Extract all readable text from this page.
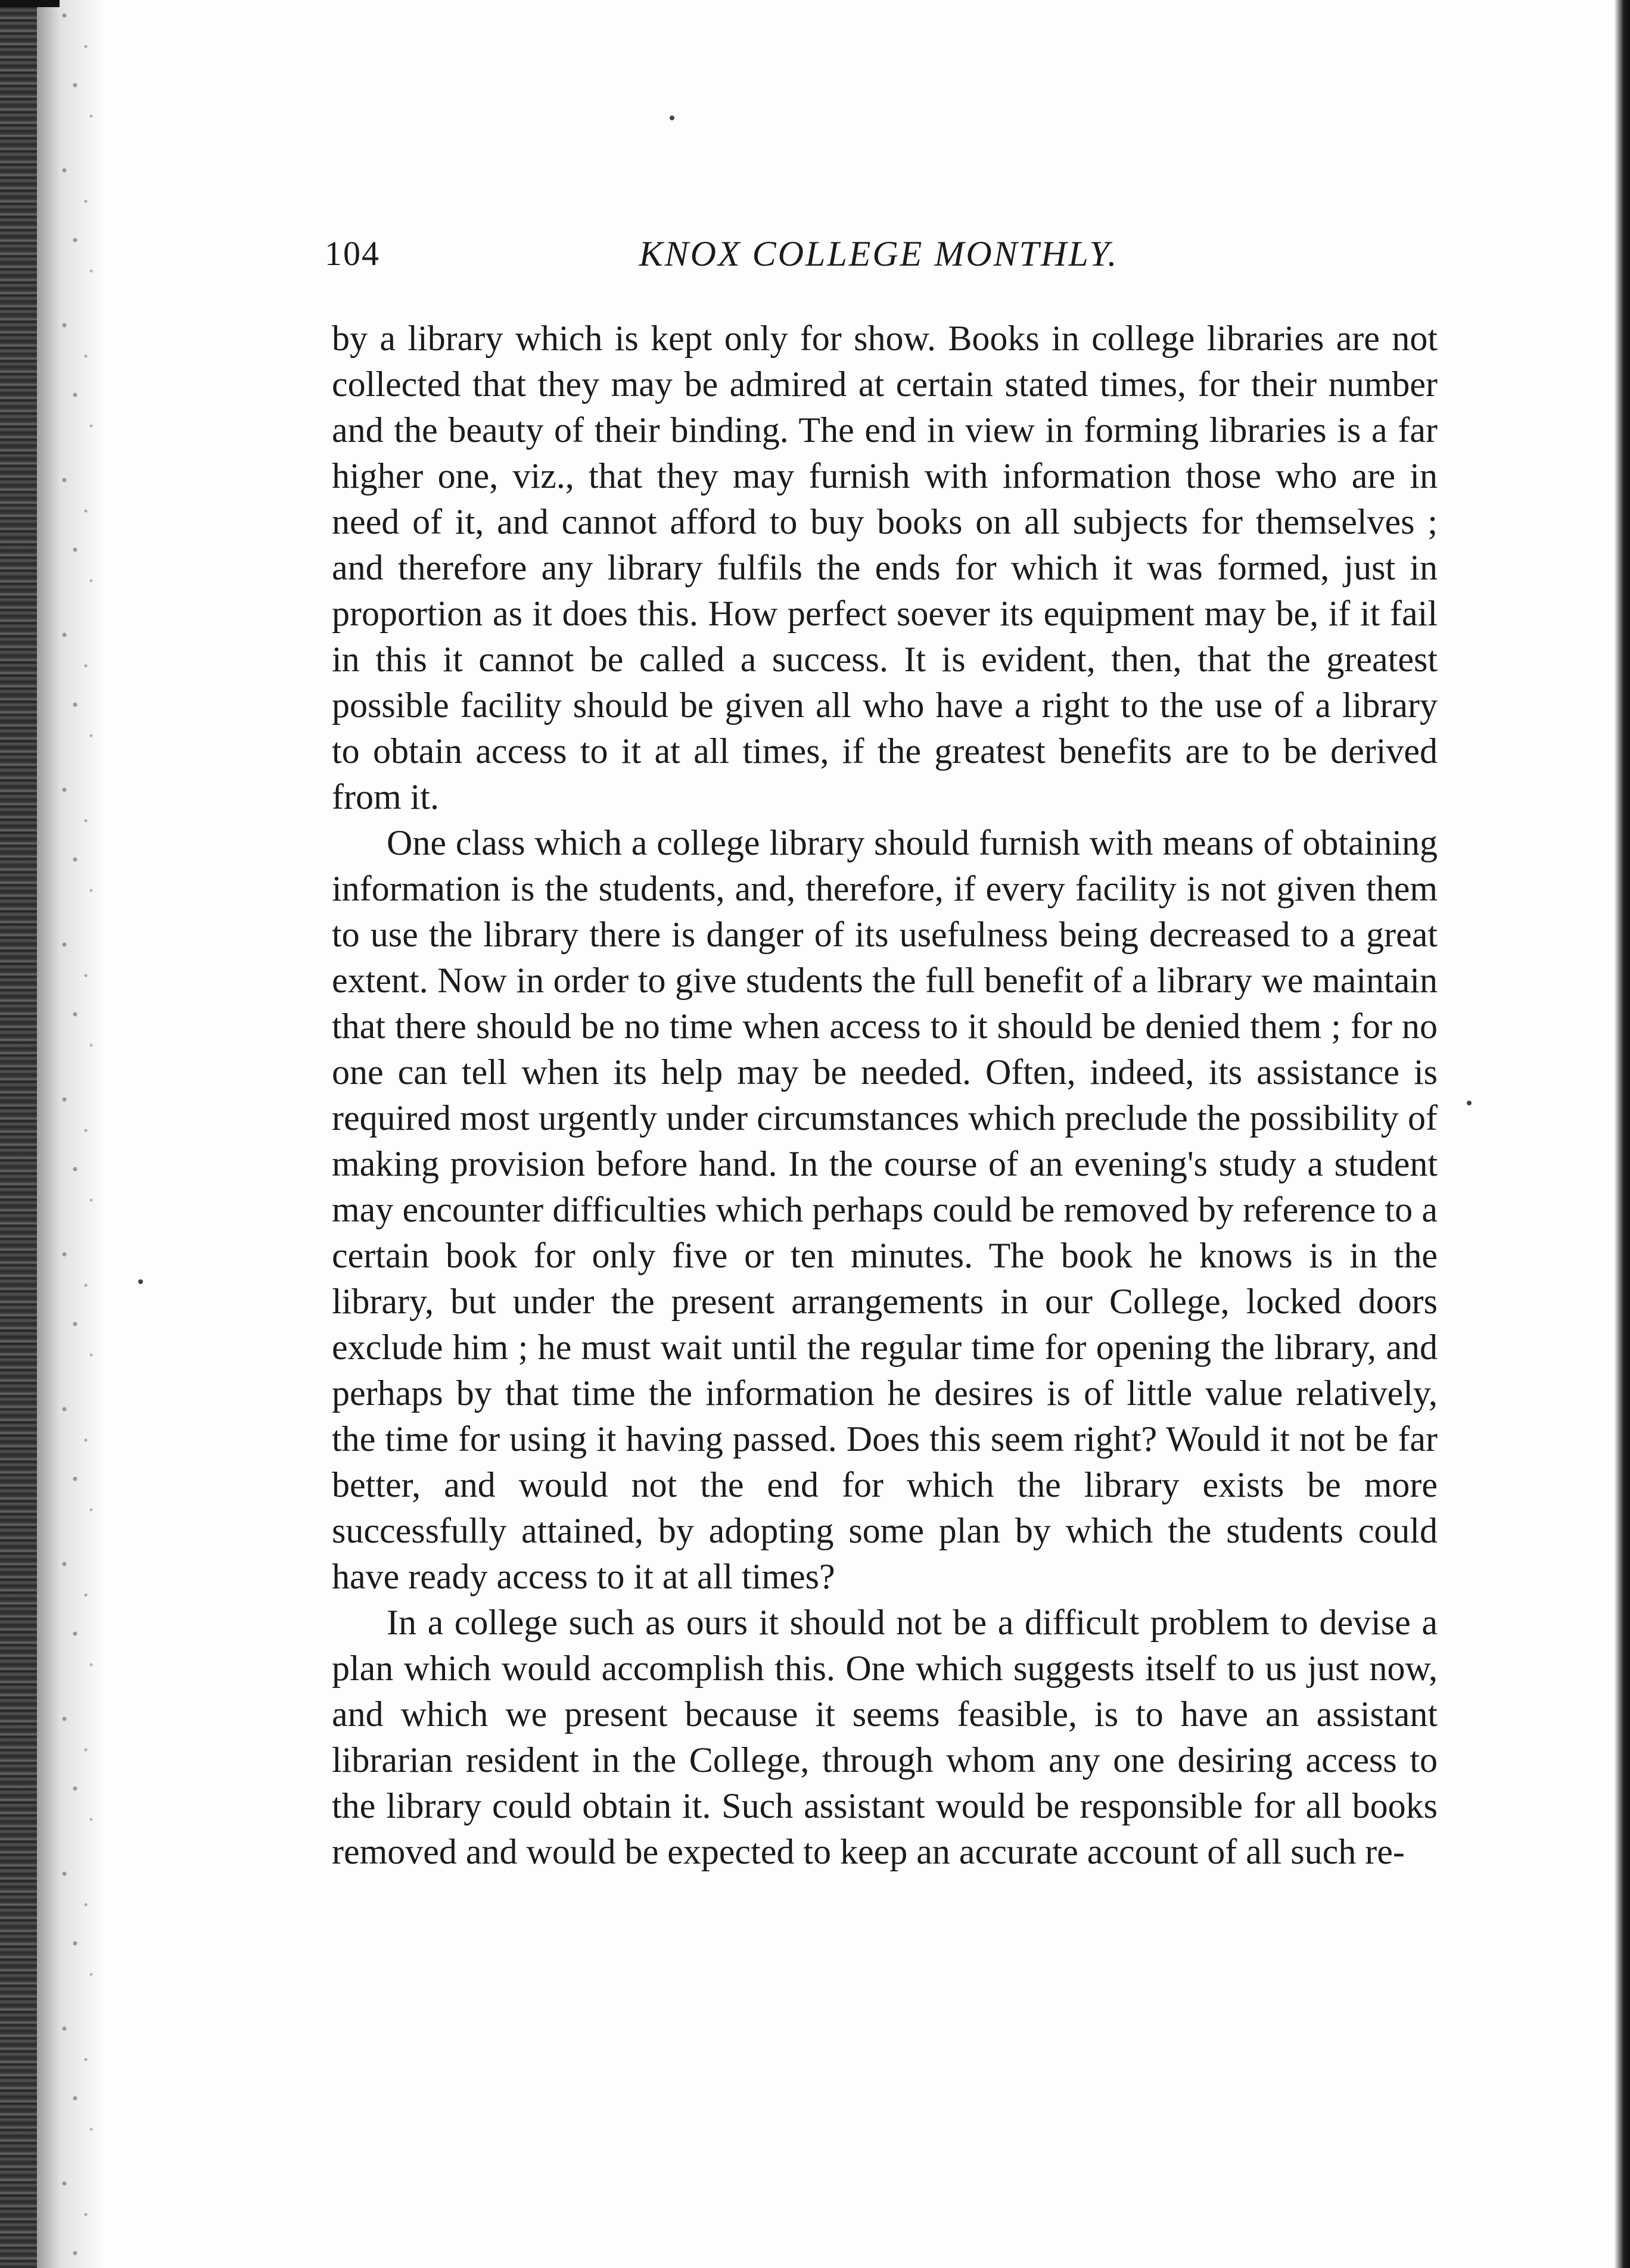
104	KNOX COLLEGE MONTHLY.

by a library which is kept only for show. Books in college libraries are not collected that they may be admired at certain stated times, for their number and the beauty of their binding. The end in view in forming libraries is a far higher one, viz., that they may furnish with information those who are in need of it, and cannot afford to buy books on all subjects for themselves ; and therefore any library fulfils the ends for which it was formed, just in proportion as it does this. How perfect soever its equipment may be, if it fail in this it cannot be called a success. It is evident, then, that the greatest possible facility should be given all who have a right to the use of a library to obtain access to it at all times, if the greatest benefits are to be derived from it.

One class which a college library should furnish with means of obtaining information is the students, and, therefore, if every facility is not given them to use the library there is danger of its usefulness being decreased to a great extent. Now in order to give students the full benefit of a library we maintain that there should be no time when access to it should be denied them ; for no one can tell when its help may be needed. Often, indeed, its assistance is required most urgently under circumstances which preclude the possibility of making provision before hand. In the course of an evening's study a student may encounter difficulties which perhaps could be removed by reference to a certain book for only five or ten minutes. The book he knows is in the library, but under the present arrangements in our College, locked doors exclude him ; he must wait until the regular time for opening the library, and perhaps by that time the information he desires is of little value relatively, the time for using it having passed. Does this seem right? Would it not be far better, and would not the end for which the library exists be more successfully attained, by adopting some plan by which the students could have ready access to it at all times?

In a college such as ours it should not be a difficult problem to devise a plan which would accomplish this. One which suggests itself to us just now, and which we present because it seems feasible, is to have an assistant librarian resident in the College, through whom any one desiring access to the library could obtain it. Such assistant would be responsible for all books removed and would be expected to keep an accurate account of all such re-
